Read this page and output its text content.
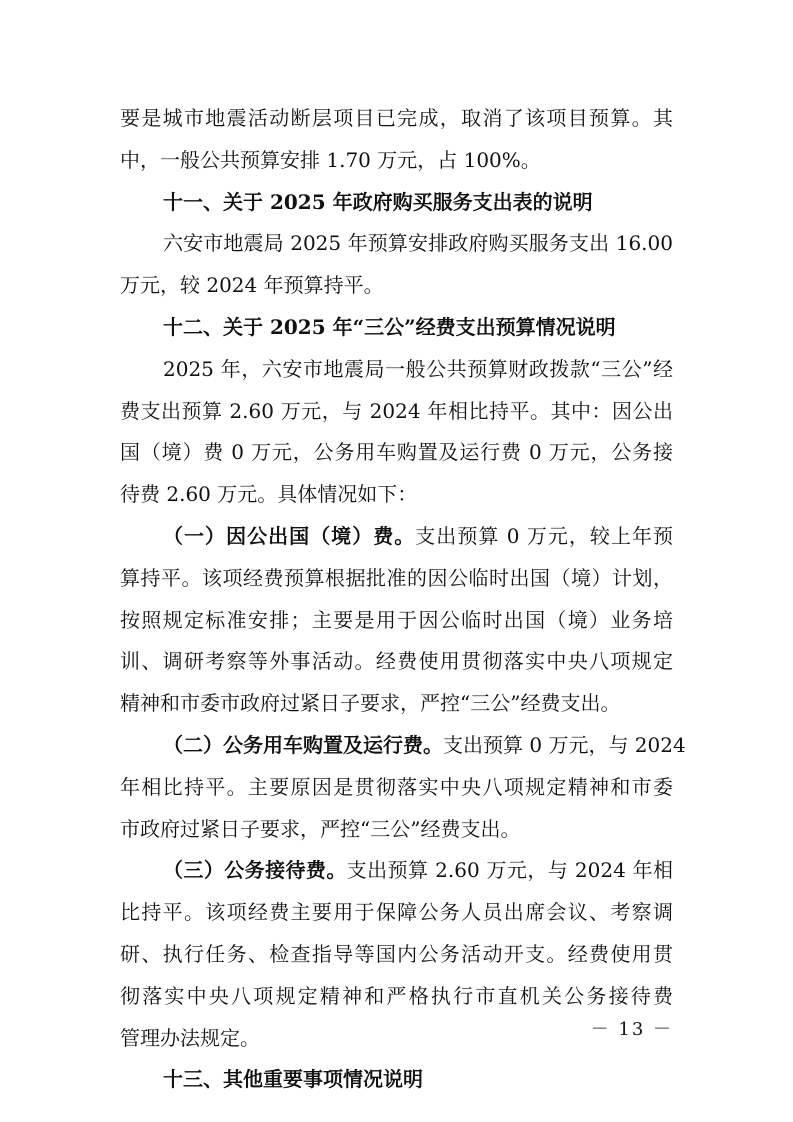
要是城市地震活动断层项目已完成，取消了该项目预算。其
中，一般公共预算安排 1.70 万元，占 100%。
十一、关于 2025 年政府购买服务支出表的说明
六安市地震局 2025 年预算安排政府购买服务支出 16.00
万元，较 2024 年预算持平。
十二、关于 2025 年“三公”经费支出预算情况说明
2025 年，六安市地震局一般公共预算财政拨款“三公”经
费支出预算 2.60 万元，与 2024 年相比持平。其中：因公出
国（境）费 0 万元，公务用车购置及运行费 0 万元，公务接
待费 2.60 万元。具体情况如下：
（一）因公出国（境）费。支出预算 0 万元，较上年预
算持平。该项经费预算根据批准的因公临时出国（境）计划，
按照规定标准安排；主要是用于因公临时出国（境）业务培
训、调研考察等外事活动。经费使用贯彻落实中央八项规定
精神和市委市政府过紧日子要求，严控“三公”经费支出。
（二）公务用车购置及运行费。支出预算 0 万元，与 2024
年相比持平。主要原因是贯彻落实中央八项规定精神和市委
市政府过紧日子要求，严控“三公”经费支出。
（三）公务接待费。支出预算 2.60 万元，与 2024 年相
比持平。该项经费主要用于保障公务人员出席会议、考察调
研、执行任务、检查指导等国内公务活动开支。经费使用贯
彻落实中央八项规定精神和严格执行市直机关公务接待费
管理办法规定。
十三、其他重要事项情况说明
－ 13 －
